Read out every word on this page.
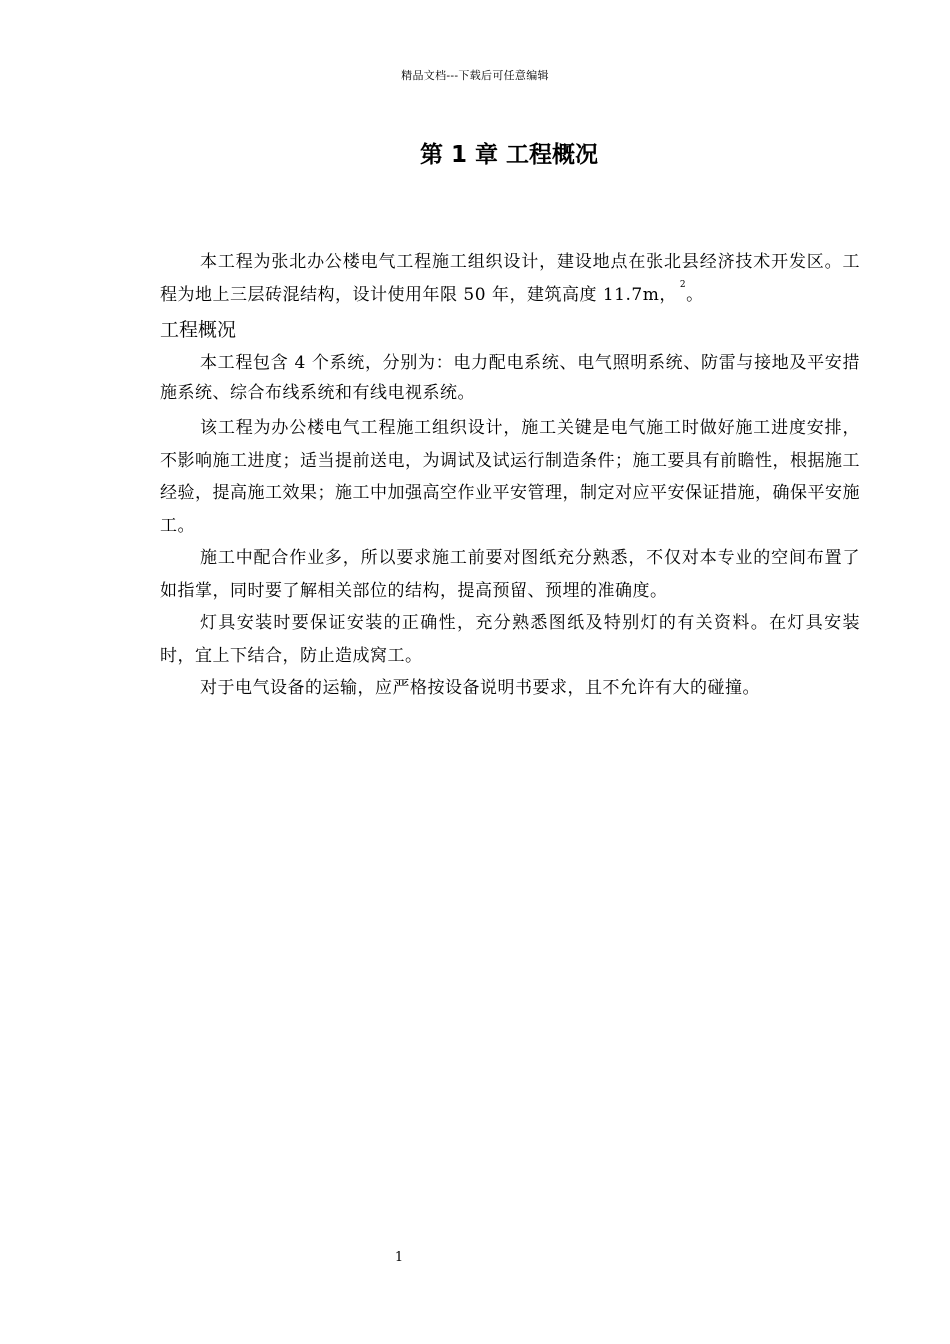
精品文档---下载后可任意编辑
第 1 章 工程概况

本工程为张北办公楼电气工程施工组织设计，建设地点在张北县经济技术开发区。工程为地上三层砖混结构，设计使用年限 50 年，建筑高度 11.7m， $^2$。

工程概况

本工程包含 4 个系统，分别为：电力配电系统、电气照明系统、防雷与接地及平安措施系统、综合布线系统和有线电视系统。

该工程为办公楼电气工程施工组织设计，施工关键是电气施工时做好施工进度安排，不影响施工进度；适当提前送电，为调试及试运行制造条件；施工要具有前瞻性，根据施工经验，提高施工效果；施工中加强高空作业平安管理，制定对应平安保证措施，确保平安施工。

施工中配合作业多，所以要求施工前要对图纸充分熟悉，不仅对本专业的空间布置了如指掌，同时要了解相关部位的结构，提高预留、预埋的准确度。

灯具安装时要保证安装的正确性，充分熟悉图纸及特别灯的有关资料。在灯具安装时，宜上下结合，防止造成窝工。

对于电气设备的运输，应严格按设备说明书要求，且不允许有大的碰撞。

1
